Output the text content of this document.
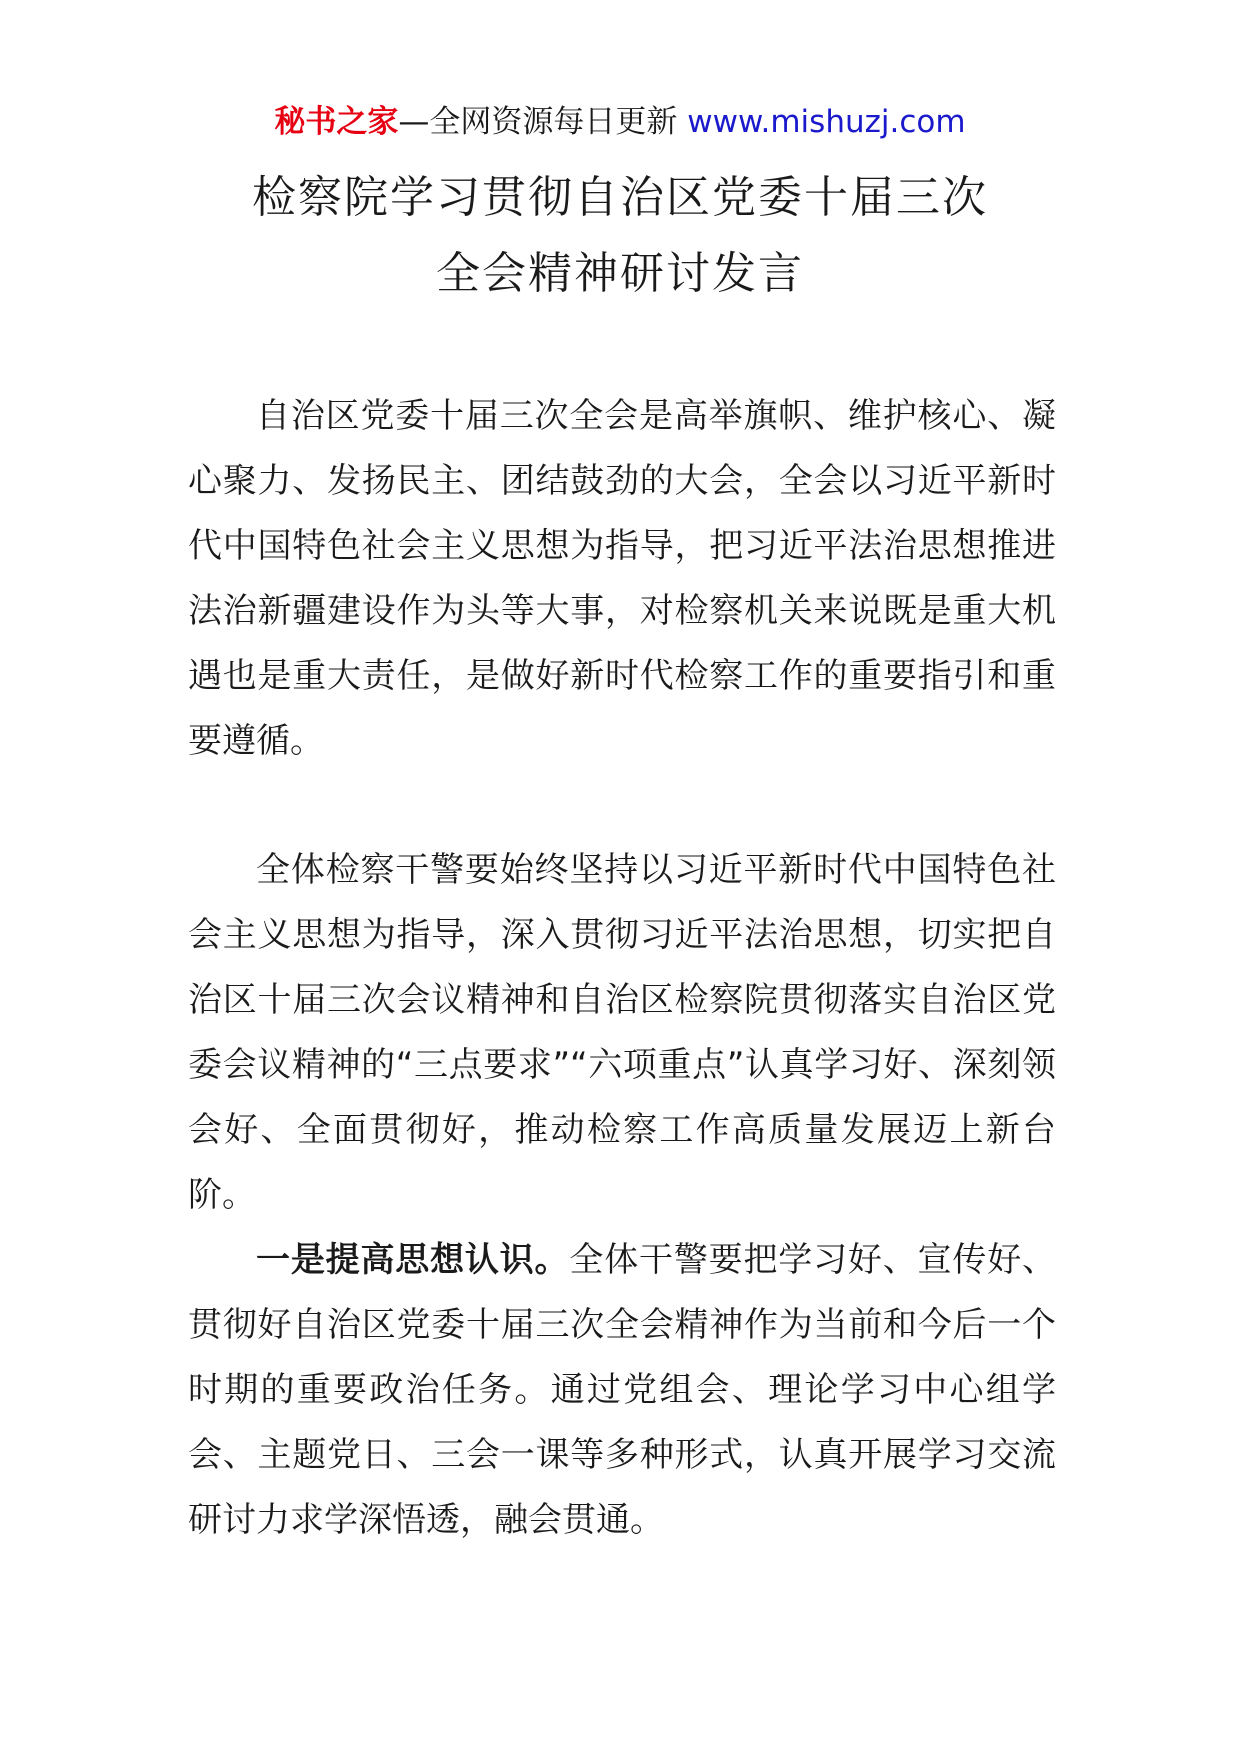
秘书之家—全网资源每日更新 www.mishuzj.com
检察院学习贯彻自治区党委十届三次
全会精神研讨发言

自治区党委十届三次全会是高举旗帜、维护核心、凝心聚力、发扬民主、团结鼓劲的大会，全会以习近平新时代中国特色社会主义思想为指导，把习近平法治思想推进法治新疆建设作为头等大事，对检察机关来说既是重大机遇也是重大责任，是做好新时代检察工作的重要指引和重要遵循。

全体检察干警要始终坚持以习近平新时代中国特色社会主义思想为指导，深入贯彻习近平法治思想，切实把自治区十届三次会议精神和自治区检察院贯彻落实自治区党委会议精神的“三点要求”“六项重点”认真学习好、深刻领会好、全面贯彻好，推动检察工作高质量发展迈上新台阶。

一是提高思想认识。全体干警要把学习好、宣传好、贯彻好自治区党委十届三次全会精神作为当前和今后一个时期的重要政治任务。通过党组会、理论学习中心组学会、主题党日、三会一课等多种形式，认真开展学习交流研讨力求学深悟透，融会贯通。
